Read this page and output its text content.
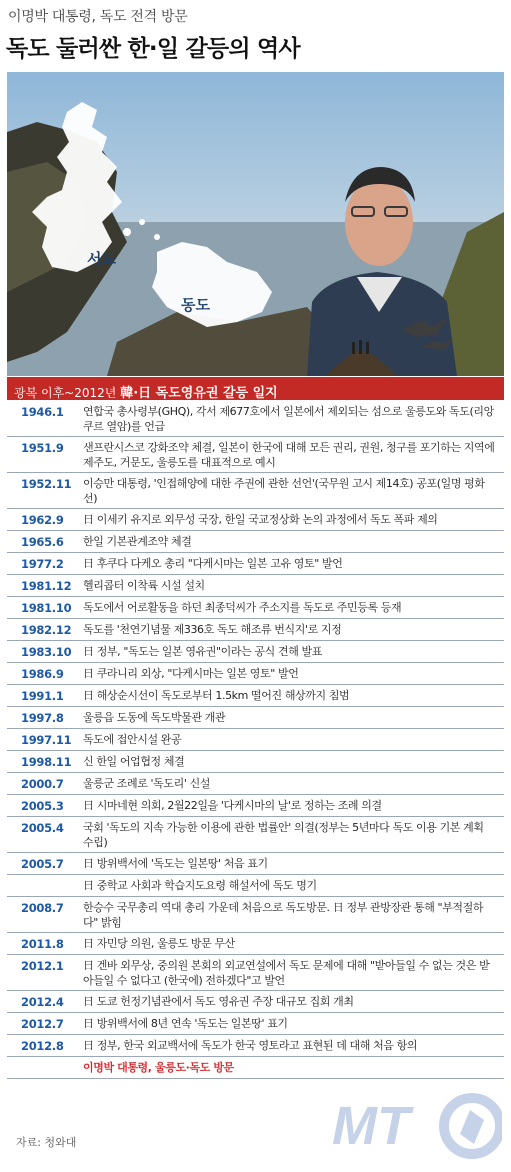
이명박 대통령, 독도 전격 방문
독도 둘러싼 한·일 갈등의 역사
서도
동도
광복 이후~2012년 韓·日 독도영유권 갈등 일지
1946.1 연합국 총사령부(GHQ), 각서 제677호에서 일본에서 제외되는 섬으로 울릉도와 독도(리앙쿠르 열암)를 언급
1951.9 샌프란시스코 강화조약 체결, 일본이 한국에 대해 모든 권리, 권원, 청구를 포기하는 지역에 제주도, 거문도, 울릉도를 대표적으로 예시
1952.11 이승만 대통령, '인접해양에 대한 주권에 관한 선언'(국무원 고시 제14호) 공포(일명 평화선)
1962.9 日 이세키 유지로 외무성 국장, 한일 국교정상화 논의 과정에서 독도 폭파 제의
1965.6 한일 기본관계조약 체결
1977.2 日 후쿠다 다케오 총리 "다케시마는 일본 고유 영토" 발언
1981.12 헬리콥터 이착륙 시설 설치
1981.10 독도에서 어로활동을 하던 최종덕씨가 주소지를 독도로 주민등록 등재
1982.12 독도를 '천연기념물 제336호 독도 해조류 번식지'로 지정
1983.10 日 정부, "독도는 일본 영유권"이라는 공식 견해 발표
1986.9 日 쿠라니리 외상, "다케시마는 일본 영토" 발언
1991.1 日 해상순시선이 독도로부터 1.5km 떨어진 해상까지 침범
1997.8 울릉읍 도동에 독도박물관 개관
1997.11 독도에 접안시설 완공
1998.11 신 한일 어업협정 체결
2000.7 울릉군 조례로 '독도리' 신설
2005.3 日 시마네현 의회, 2월22일을 '다케시마의 날'로 정하는 조례 의결
2005.4 국회 '독도의 지속 가능한 이용에 관한 법률안' 의결(정부는 5년마다 독도 이용 기본 계획 수립)
2005.7 日 방위백서에 '독도는 일본땅' 처음 표기
日 중학교 사회과 학습지도요령 해설서에 독도 명기
2008.7 한승수 국무총리 역대 총리 가운데 처음으로 독도방문. 日 정부 관방장관 통해 "부적절하다" 밝힘
2011.8 日 자민당 의원, 울릉도 방문 무산
2012.1 日 겐바 외무상, 중의원 본회의 외교연설에서 독도 문제에 대해 "받아들일 수 없는 것은 받아들일 수 없다고 (한국에) 전하겠다"고 발언
2012.4 日 도쿄 헌정기념관에서 독도 영유권 주장 대규모 집회 개최
2012.7 日 방위백서에 8년 연속 '독도는 일본땅' 표기
2012.8 日 정부, 한국 외교백서에 독도가 한국 영토라고 표현된 데 대해 처음 항의
이명박 대통령, 울릉도·독도 방문
자료: 청와대	MT
